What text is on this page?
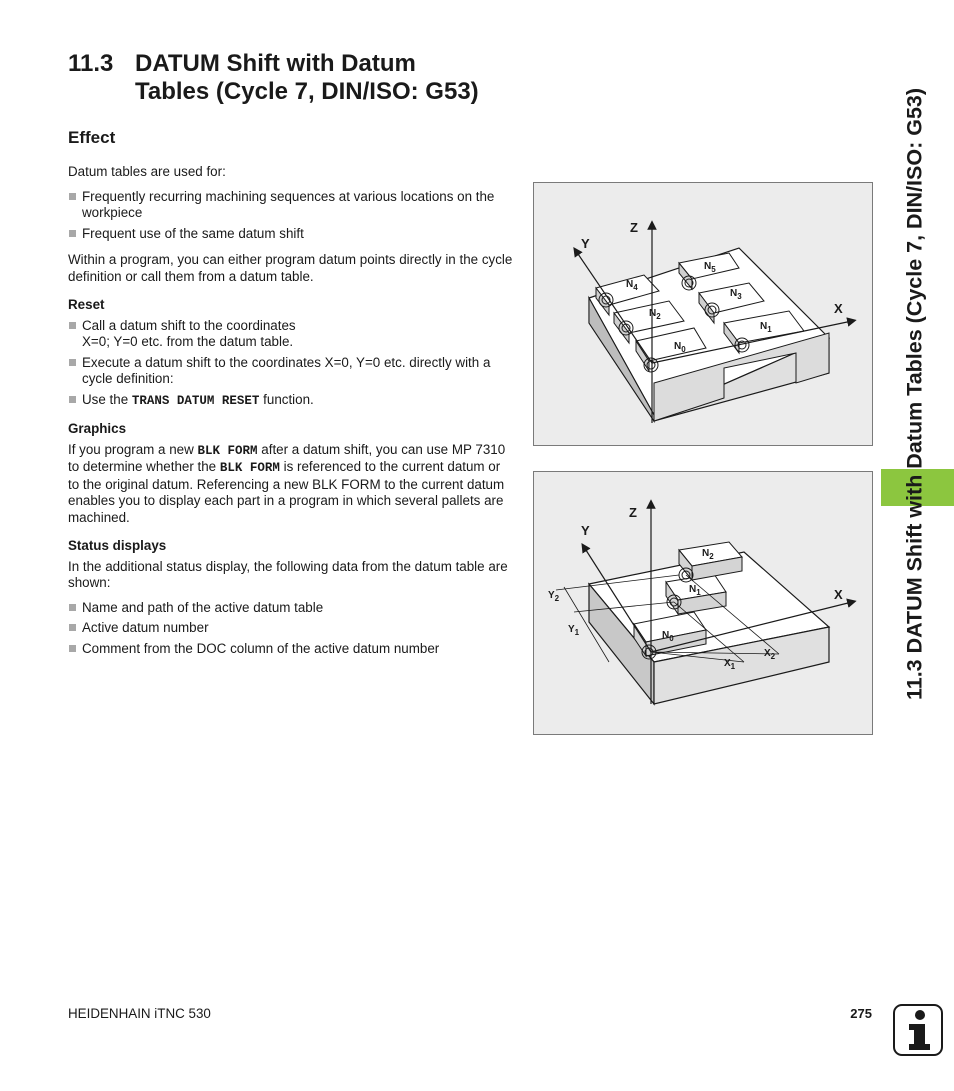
11.3 DATUM Shift with Datum
Tables (Cycle 7, DIN/ISO: G53)
Effect

Datum tables are used for:

Frequently recurring machining sequences at various locations on the workpiece
Frequent use of the same datum shift

Within a program, you can either program datum points directly in the cycle definition or call them from a datum table.

Reset
Call a datum shift to the coordinates
X=0; Y=0 etc. from the datum table.
Execute a datum shift to the coordinates X=0, Y=0 etc. directly with a cycle definition:
Use the TRANS DATUM RESET function.
Graphics

If you program a new BLK FORM after a datum shift, you can use MP 7310 to determine whether the BLK FORM is referenced to the current datum or to the original datum. Referencing a new BLK FORM to the current datum enables you to display each part in a program in which several pallets are machined.

Status displays

In the additional status display, the following data from the datum table are shown:

Name and path of the active datum table
Active datum number
Comment from the DOC column of the active datum number
Z
Y
X
$N_4$
$N_5$
$N_2$
$N_3$
$N_0$
$N_1$
Z
Y
X
$N_2$
$N_1$
$N_0$
$Y_2$
$Y_1$
$X_1$
$X_2$	11.3 DATUM Shift with Datum Tables (Cycle 7, DIN/ISO: G53)
HEIDENHAIN iTNC 530	275
